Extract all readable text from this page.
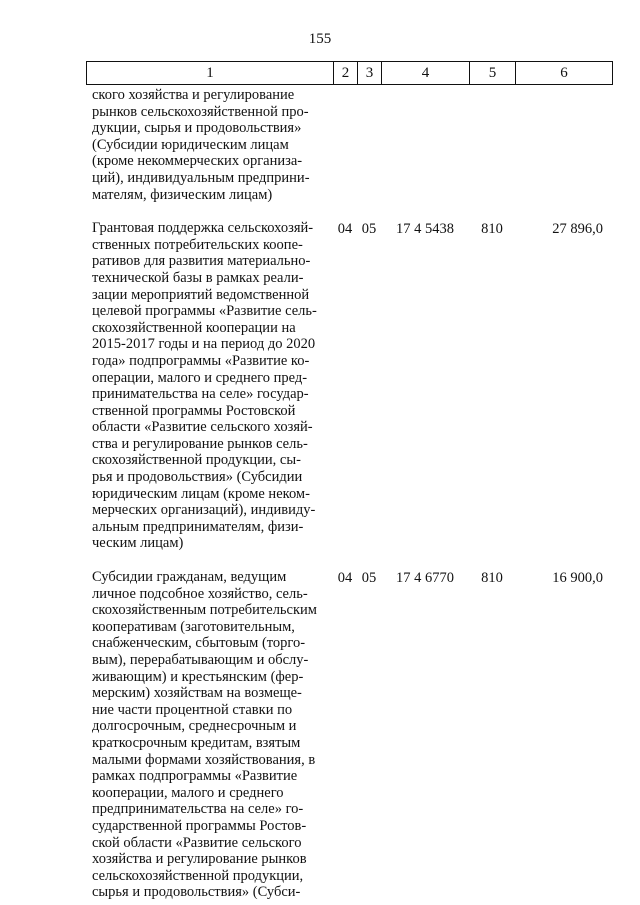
155
1	2	3	4	5	6
ского хозяйства и регулирование
рынков сельскохозяйственной про-
дукции, сырья и продовольствия»
(Субсидии юридическим лицам
(кроме некоммерческих организа-
ций), индивидуальным предприни-
мателям, физическим лицам)
Грантовая поддержка сельскохозяй-
ственных потребительских коопе-
ративов для развития материально-
технической базы в рамках реали-
зации мероприятий ведомственной
целевой программы «Развитие сель-
скохозяйственной кооперации на
2015-2017 годы и на период до 2020
года» подпрограммы «Развитие ко-
операции, малого и среднего пред-
принимательства на селе» государ-
ственной программы Ростовской
области «Развитие сельского хозяй-
ства и регулирование рынков сель-
скохозяйственной продукции, сы-
рья и продовольствия» (Субсидии
юридическим лицам (кроме неком-
мерческих организаций), индивиду-
альным предпринимателям, физи-
ческим лицам)
04 05	17 4 5438	810	27 896,0
Субсидии гражданам, ведущим
личное подсобное хозяйство, сель-
скохозяйственным потребительским
кооперативам (заготовительным,
снабженческим, сбытовым (торго-
вым), перерабатывающим и обслу-
живающим) и крестьянским (фер-
мерским) хозяйствам на возмеще-
ние части процентной ставки по
долгосрочным, среднесрочным и
краткосрочным кредитам, взятым
малыми формами хозяйствования, в
рамках подпрограммы «Развитие
кооперации, малого и среднего
предпринимательства на селе» го-
сударственной программы Ростов-
ской области «Развитие сельского
хозяйства и регулирование рынков
сельскохозяйственной продукции,
сырья и продовольствия» (Субси-
04 05	17 4 6770	810	16 900,0
